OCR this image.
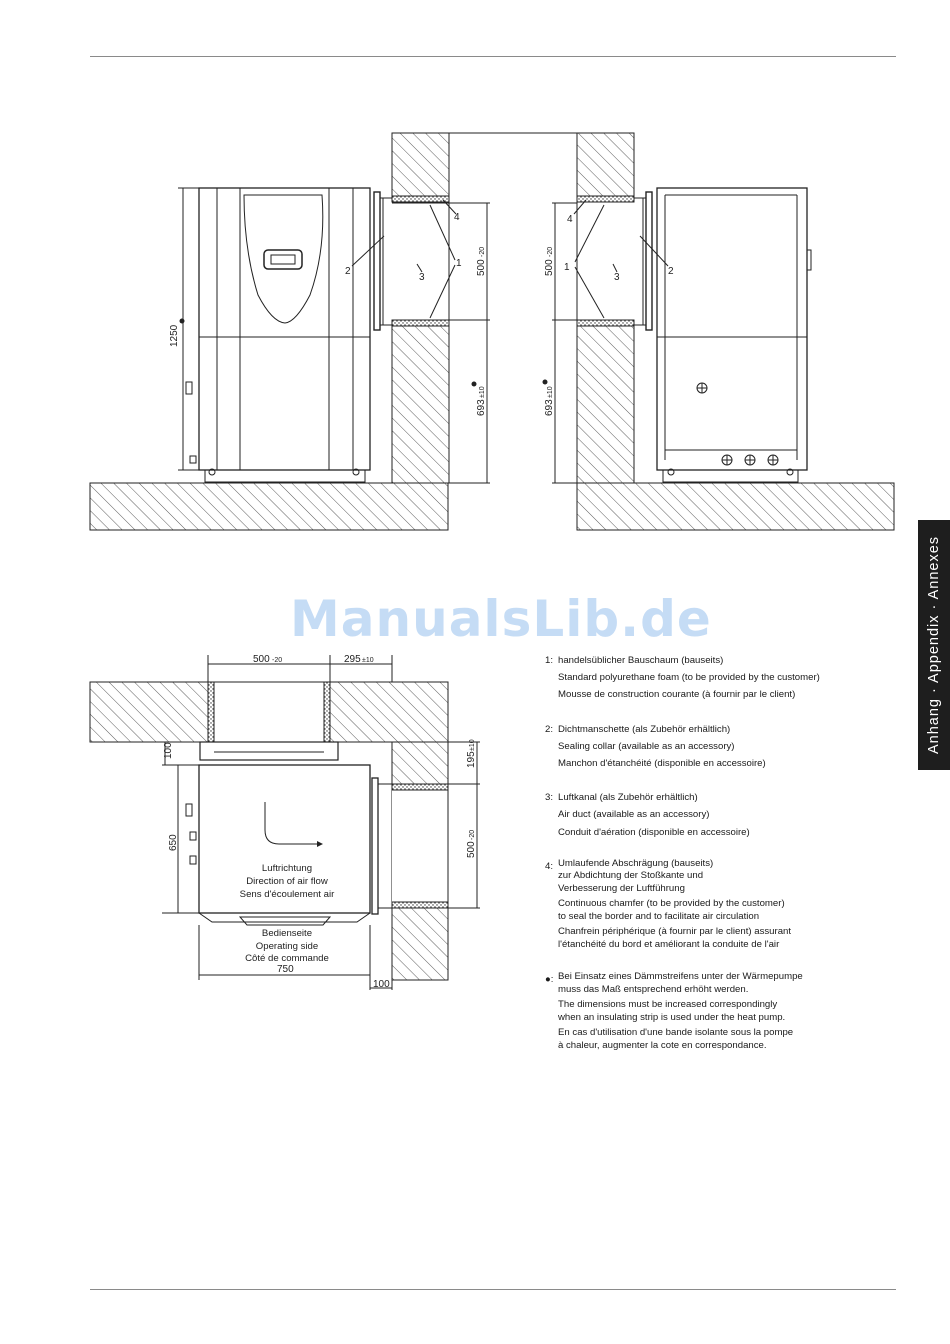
1250
500
-20
693
±10
2
3
1
4
500
-20
693
±10
1
3
2
4
500 -20	295 ±10
100
650
750
100
195
±10
500
-20
Luftrichtung
Direction of air flow
Sens d'écoulement air
Bedienseite
Operating side
Côté de commande
ManualsLib.de	Anhang · Appendix · Annexes
1: handelsüblicher Bauschaum (bauseits)
Standard polyurethane foam (to be provided by the customer)
Mousse de construction courante (à fournir par le client)
2: Dichtmanschette (als Zubehör erhältlich)
Sealing collar (available as an accessory)
Manchon d'étanchéité (disponible en accessoire)
3: Luftkanal (als Zubehör erhältlich)
Air duct (available as an accessory)
Conduit d'aération (disponible en accessoire)
4: Umlaufende Abschrägung (bauseits)
zur Abdichtung der Stoßkante und
Verbesserung der Luftführung
Continuous chamfer (to be provided by the customer)
to seal the border and to facilitate air circulation
Chanfrein périphérique (à fournir par le client) assurant
l'étanchéité du bord et améliorant la conduite de l'air
●: Bei Einsatz eines Dämmstreifens unter der Wärmepumpe
muss das Maß entsprechend erhöht werden.
The dimensions must be increased correspondingly
when an insulating strip is used under the heat pump.
En cas d'utilisation d'une bande isolante sous la pompe
à chaleur, augmenter la cote en correspondance.
